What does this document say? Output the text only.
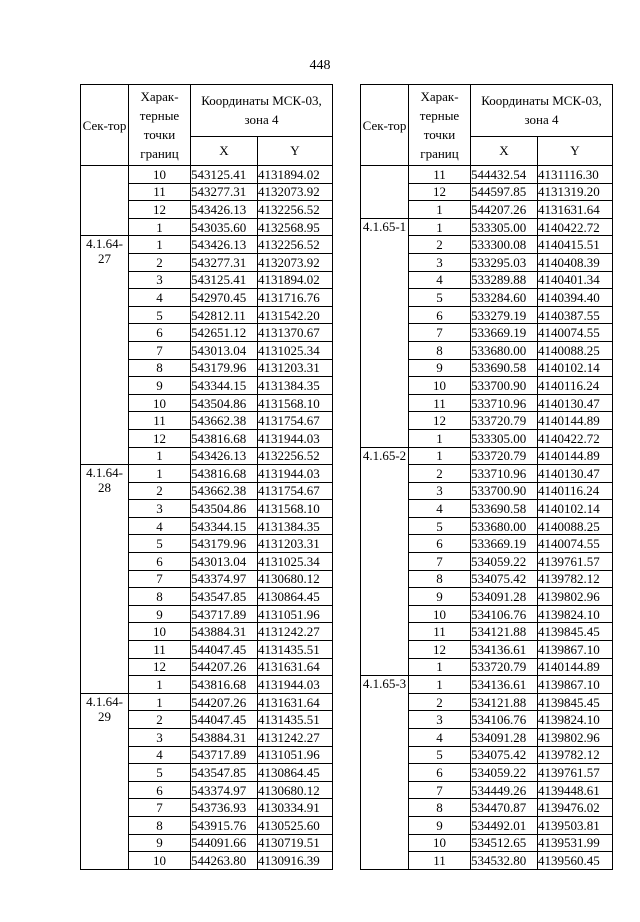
448
Сек-тор	Харак-терные точки границ	Координаты МСК-03, зона 4	
		X	Y
	10	543125.41	4131894.02
	11	543277.31	4132073.92
	12	543426.13	4132256.52
	1	543035.60	4132568.95
4.1.64-27	1	543426.13	4132256.52
	2	543277.31	4132073.92
	3	543125.41	4131894.02
	4	542970.45	4131716.76
	5	542812.11	4131542.20
	6	542651.12	4131370.67
	7	543013.04	4131025.34
	8	543179.96	4131203.31
	9	543344.15	4131384.35
	10	543504.86	4131568.10
	11	543662.38	4131754.67
	12	543816.68	4131944.03
	1	543426.13	4132256.52
4.1.64-28	1	543816.68	4131944.03
	2	543662.38	4131754.67
	3	543504.86	4131568.10
	4	543344.15	4131384.35
	5	543179.96	4131203.31
	6	543013.04	4131025.34
	7	543374.97	4130680.12
	8	543547.85	4130864.45
	9	543717.89	4131051.96
	10	543884.31	4131242.27
	11	544047.45	4131435.51
	12	544207.26	4131631.64
	1	543816.68	4131944.03
4.1.64-29	1	544207.26	4131631.64
	2	544047.45	4131435.51
	3	543884.31	4131242.27
	4	543717.89	4131051.96
	5	543547.85	4130864.45
	6	543374.97	4130680.12
	7	543736.93	4130334.91
	8	543915.76	4130525.60
	9	544091.66	4130719.51
	10	544263.80	4130916.39
Сек-тор	Харак-терные точки границ	Координаты МСК-03, зона 4	
		X	Y
	11	544432.54	4131116.30
	12	544597.85	4131319.20
	1	544207.26	4131631.64
4.1.65-1	1	533305.00	4140422.72
	2	533300.08	4140415.51
	3	533295.03	4140408.39
	4	533289.88	4140401.34
	5	533284.60	4140394.40
	6	533279.19	4140387.55
	7	533669.19	4140074.55
	8	533680.00	4140088.25
	9	533690.58	4140102.14
	10	533700.90	4140116.24
	11	533710.96	4140130.47
	12	533720.79	4140144.89
	1	533305.00	4140422.72
4.1.65-2	1	533720.79	4140144.89
	2	533710.96	4140130.47
	3	533700.90	4140116.24
	4	533690.58	4140102.14
	5	533680.00	4140088.25
	6	533669.19	4140074.55
	7	534059.22	4139761.57
	8	534075.42	4139782.12
	9	534091.28	4139802.96
	10	534106.76	4139824.10
	11	534121.88	4139845.45
	12	534136.61	4139867.10
	1	533720.79	4140144.89
4.1.65-3	1	534136.61	4139867.10
	2	534121.88	4139845.45
	3	534106.76	4139824.10
	4	534091.28	4139802.96
	5	534075.42	4139782.12
	6	534059.22	4139761.57
	7	534449.26	4139448.61
	8	534470.87	4139476.02
	9	534492.01	4139503.81
	10	534512.65	4139531.99
	11	534532.80	4139560.45
